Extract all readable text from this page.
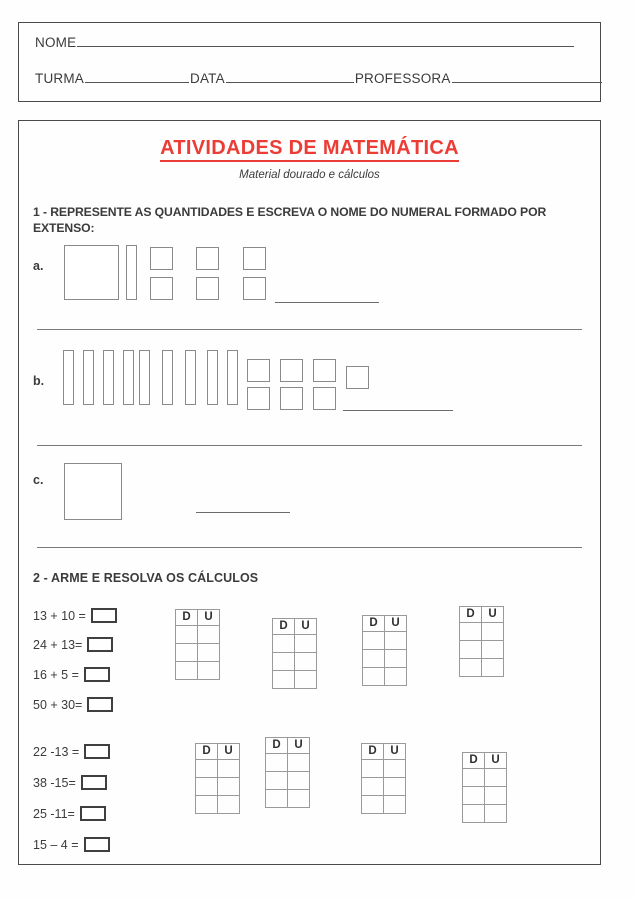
NOME
TURMA	DATA	PROFESSORA
ATIVIDADES DE MATEMÁTICA
Material dourado e cálculos
1 - REPRESENTE AS QUANTIDADES E ESCREVA O NOME DO NUMERAL FORMADO POR EXTENSO:
a.
b.
c.
2 - ARME E RESOLVA OS CÁLCULOS
13 + 10 =
24 + 13=
16 + 5 =
50 + 30=
22 -13 =
38 -15=
25 -11=
15 – 4 =
D	U

D	U

		D	U

D	U

D	U

		D	U

		D	U

D	U
